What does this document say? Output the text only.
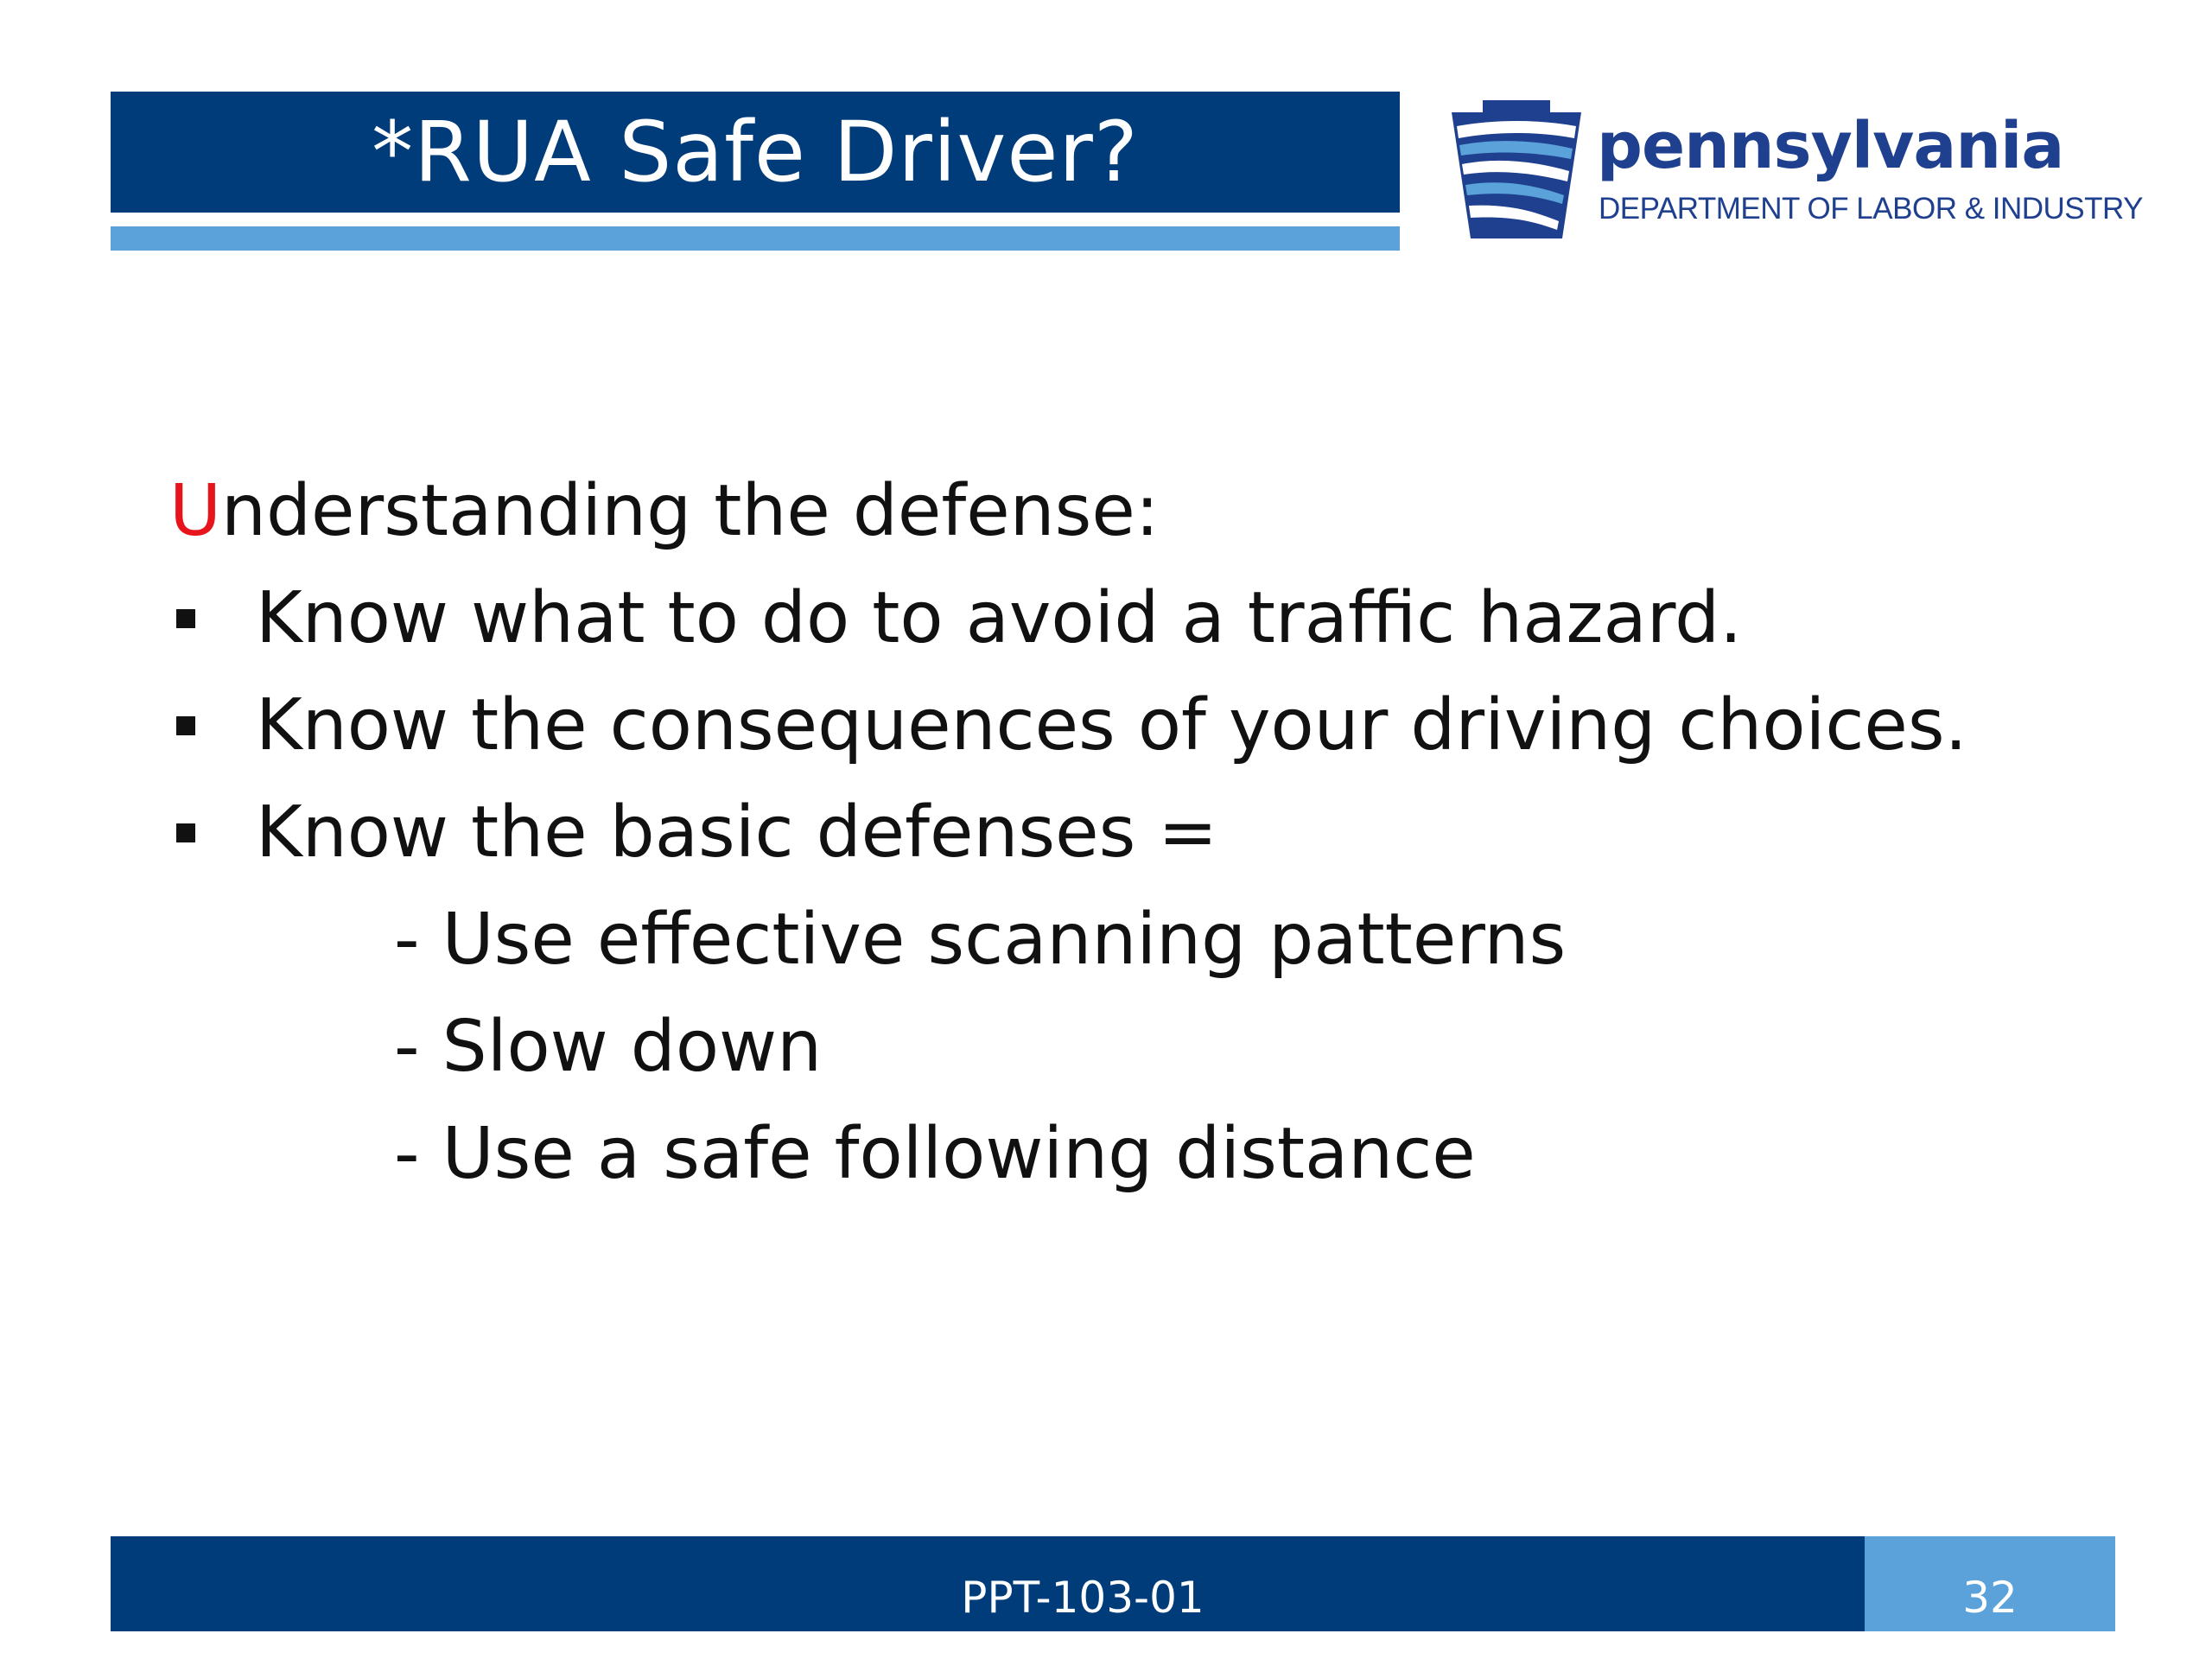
*RUA Safe Driver?	pennsylvania
DEPARTMENT OF LABOR & INDUSTRY
Understanding the defense:
Know what to do to avoid a traffic hazard.
Know the consequences of your driving choices.
Know the basic defenses =
- Use effective scanning patterns
- Slow down
- Use a safe following distance
PPT-103-01	32
